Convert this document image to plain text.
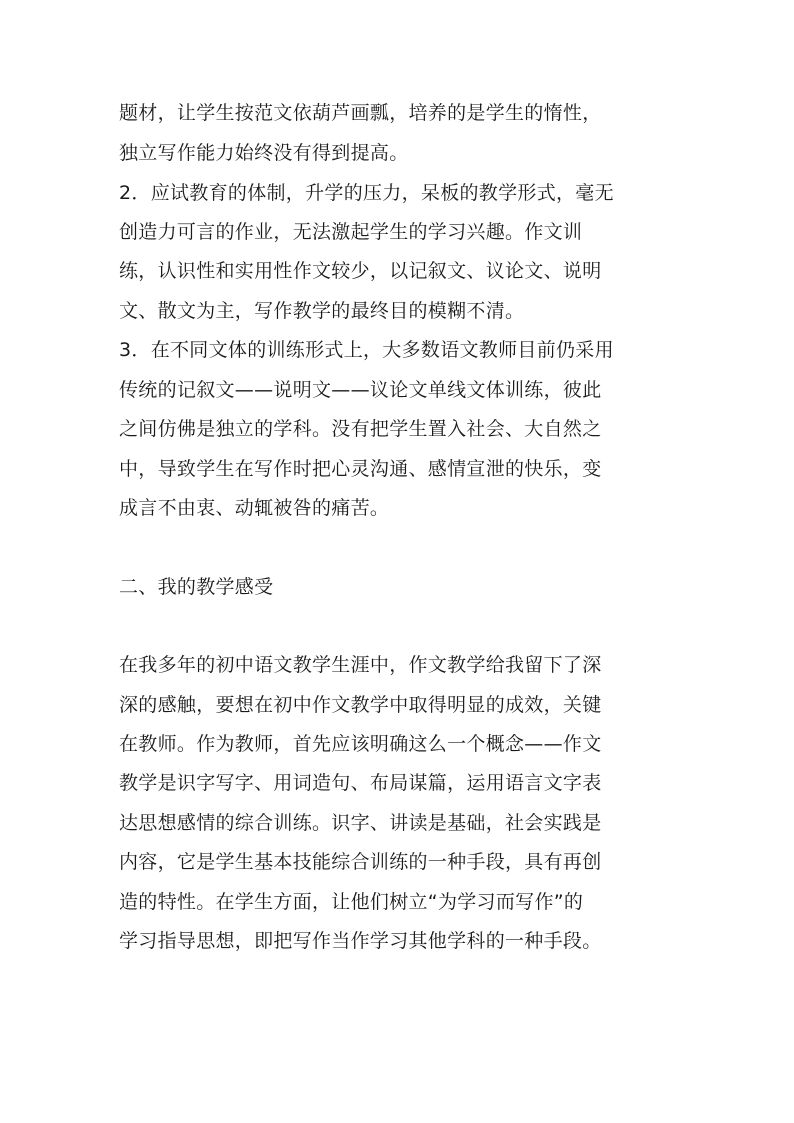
题材，让学生按范文依葫芦画瓢，培养的是学生的惰性，
独立写作能力始终没有得到提高。
2．应试教育的体制，升学的压力，呆板的教学形式，毫无
创造力可言的作业，无法激起学生的学习兴趣。作文训
练，认识性和实用性作文较少，以记叙文、议论文、说明
文、散文为主，写作教学的最终目的模糊不清。
3．在不同文体的训练形式上，大多数语文教师目前仍采用
传统的记叙文——说明文——议论文单线文体训练，彼此
之间仿佛是独立的学科。没有把学生置入社会、大自然之
中，导致学生在写作时把心灵沟通、感情宣泄的快乐，变
成言不由衷、动辄被咎的痛苦。
二、我的教学感受
在我多年的初中语文教学生涯中，作文教学给我留下了深
深的感触，要想在初中作文教学中取得明显的成效，关键
在教师。作为教师，首先应该明确这么一个概念——作文
教学是识字写字、用词造句、布局谋篇，运用语言文字表
达思想感情的综合训练。识字、讲读是基础，社会实践是
内容，它是学生基本技能综合训练的一种手段，具有再创
造的特性。在学生方面，让他们树立“为学习而写作”的
学习指导思想，即把写作当作学习其他学科的一种手段。
